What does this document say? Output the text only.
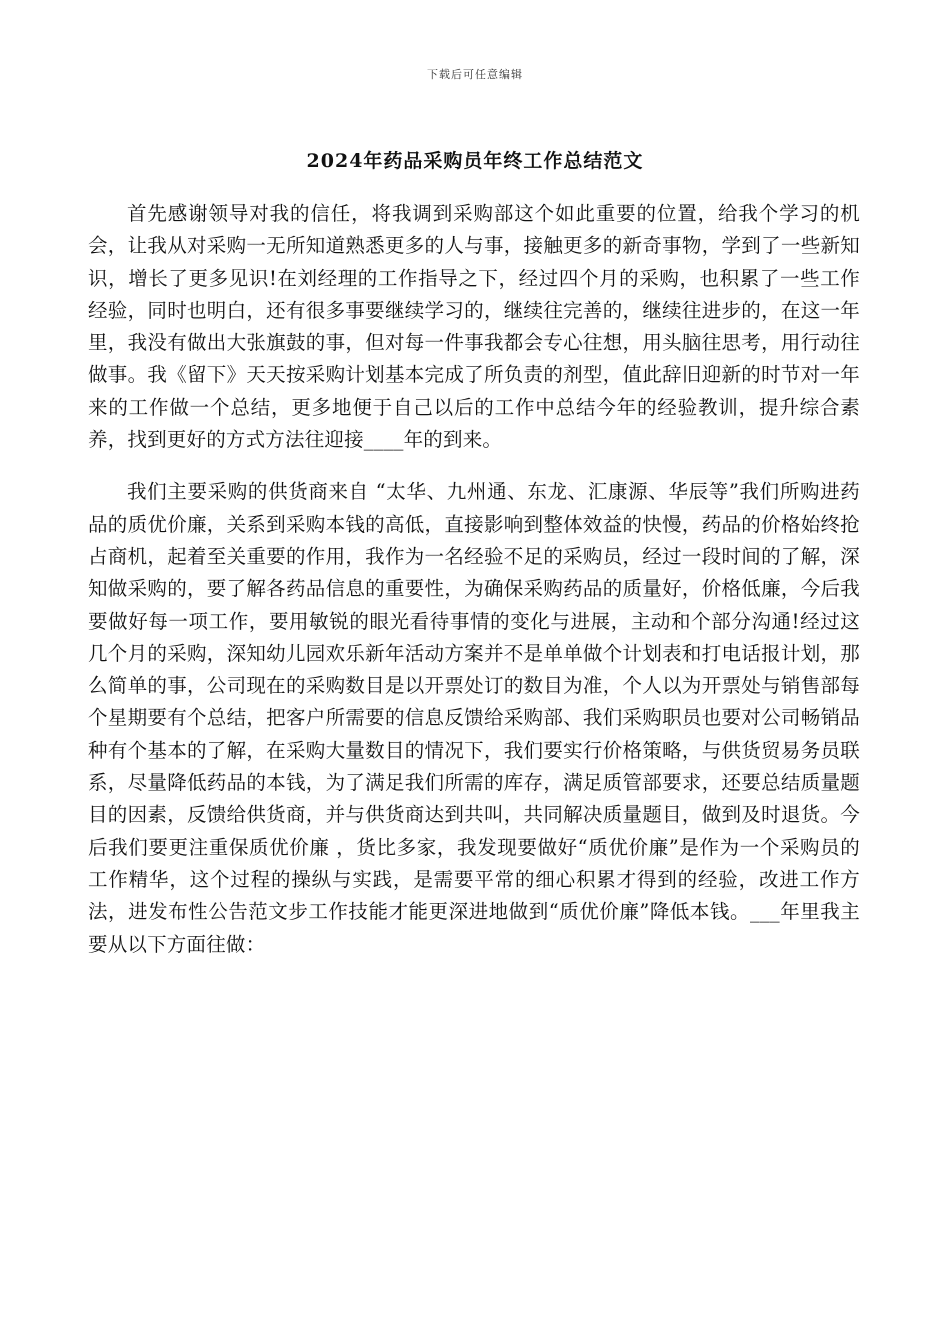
下载后可任意编辑
2024年药品采购员年终工作总结范文

首先感谢领导对我的信任，将我调到采购部这个如此重要的位置，给我个学习的机会，让我从对采购一无所知道熟悉更多的人与事，接触更多的新奇事物，学到了一些新知识，增长了更多见识!在刘经理的工作指导之下，经过四个月的采购，也积累了一些工作经验，同时也明白，还有很多事要继续学习的，继续往完善的，继续往进步的，在这一年里，我没有做出大张旗鼓的事，但对每一件事我都会专心往想，用头脑往思考，用行动往做事。我《留下》天天按采购计划基本完成了所负责的剂型，值此辞旧迎新的时节对一年来的工作做一个总结，更多地便于自己以后的工作中总结今年的经验教训，提升综合素养，找到更好的方式方法往迎接____年的到来。

我们主要采购的供货商来自 “太华、九州通、东龙、汇康源、华辰等”我们所购进药品的质优价廉，关系到采购本钱的高低，直接影响到整体效益的快慢，药品的价格始终抢占商机，起着至关重要的作用，我作为一名经验不足的采购员，经过一段时间的了解，深知做采购的，要了解各药品信息的重要性，为确保采购药品的质量好，价格低廉，今后我要做好每一项工作，要用敏锐的眼光看待事情的变化与进展，主动和个部分沟通!经过这几个月的采购，深知幼儿园欢乐新年活动方案并不是单单做个计划表和打电话报计划，那么简单的事，公司现在的采购数目是以开票处订的数目为准，个人以为开票处与销售部每个星期要有个总结，把客户所需要的信息反馈给采购部、我们采购职员也要对公司畅销品种有个基本的了解，在采购大量数目的情况下，我们要实行价格策略，与供货贸易务员联系，尽量降低药品的本钱，为了满足我们所需的库存，满足质管部要求，还要总结质量题目的因素，反馈给供货商，并与供货商达到共叫，共同解决质量题目，做到及时退货。今后我们要更注重保质优价廉 ，货比多家，我发现要做好“质优价廉”是作为一个采购员的工作精华，这个过程的操纵与实践，是需要平常的细心积累才得到的经验，改进工作方法，进发布性公告范文步工作技能才能更深进地做到“质优价廉”降低本钱。___年里我主要从以下方面往做：
